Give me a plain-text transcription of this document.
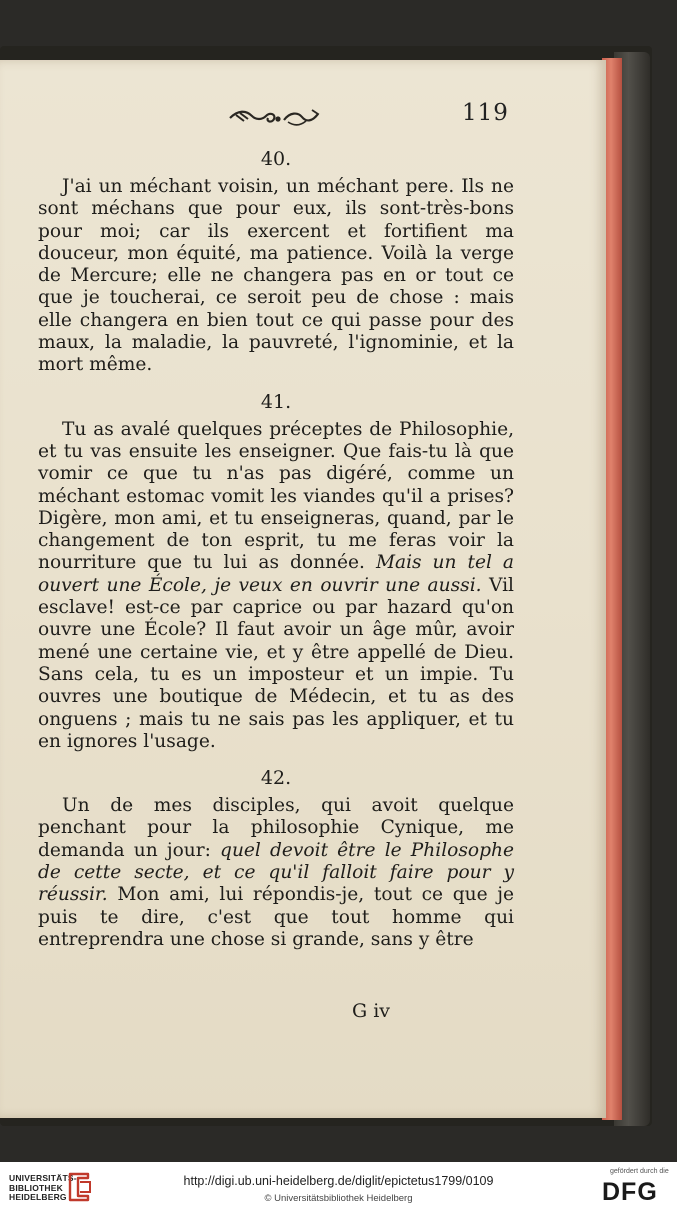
119
40.

J'ai un méchant voisin, un méchant pere. Ils ne sont méchans que pour eux, ils sont-très-bons pour moi; car ils exercent et fortifient ma douceur, mon équité, ma patience. Voilà la verge de Mercure; elle ne changera pas en or tout ce que je toucherai, ce seroit peu de chose : mais elle changera en bien tout ce qui passe pour des maux, la maladie, la pauvreté, l'ignominie, et la mort même.

41.

Tu as avalé quelques préceptes de Philosophie, et tu vas ensuite les enseigner. Que fais-tu là que vomir ce que tu n'as pas digéré, comme un méchant estomac vomit les viandes qu'il a prises? Digère, mon ami, et tu enseigneras, quand, par le changement de ton esprit, tu me feras voir la nourriture que tu lui as donnée. Mais un tel a ouvert une École, je veux en ouvrir une aussi. Vil esclave! est-ce par caprice ou par hazard qu'on ouvre une École? Il faut avoir un âge mûr, avoir mené une certaine vie, et y être appellé de Dieu. Sans cela, tu es un imposteur et un impie. Tu ouvres une boutique de Médecin, et tu as des onguens ; mais tu ne sais pas les appliquer, et tu en ignores l'usage.

42.

Un de mes disciples, qui avoit quelque penchant pour la philosophie Cynique, me demanda un jour: quel devoit être le Philosophe de cette secte, et ce qu'il falloit faire pour y réussir. Mon ami, lui répondis-je, tout ce que je puis te dire, c'est que tout homme qui entreprendra une chose si grande, sans y être

G iv
UNIVERSITÄTS-
BIBLIOTHEK
HEIDELBERG
http://digi.ub.uni-heidelberg.de/diglit/epictetus1799/0109
© Universitätsbibliothek Heidelberg
gefördert durch die
DFG
